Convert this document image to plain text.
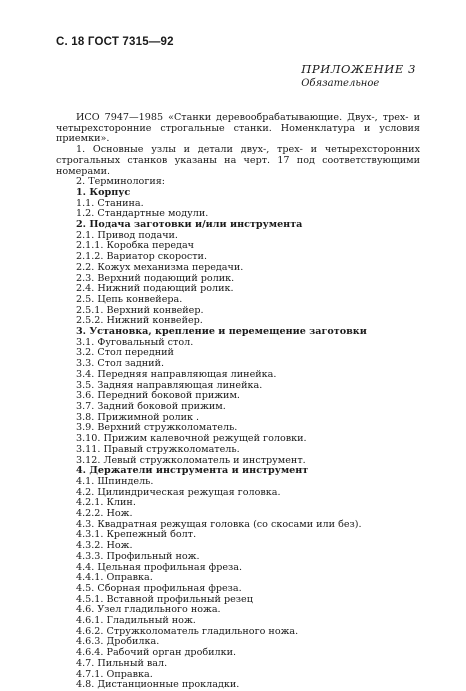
С. 18 ГОСТ 7315—92
ПРИЛОЖЕНИЕ 3
Обязательное

ИСО 7947—1985 «Станки деревообрабатывающие. Двух-, трех- и четырехсторонние строгальные станки. Номенклатура и условия приемки».

1. Основные узлы и детали двух-, трех- и четырехсторонних строгальных станков указаны на черт. 17 под соответствующими номерами.

2. Терминология:
1. Корпус
1.1. Станина.
1.2. Стандартные модули.
2. Подача заготовки и/или инструмента
2.1. Привод подачи.
2.1.1. Коробка передач
2.1.2. Вариатор скорости.
2.2. Кожух механизма передачи.
2.3. Верхний подающий ролик.
2.4. Нижний подающий ролик.
2.5. Цепь конвейера.
2.5.1. Верхний конвейер.
2.5.2. Нижний конвейер.
3. Установка, крепление и перемещение заготовки
3.1. Фуговальный стол.
3.2. Стол передний
3.3. Стол задний.
3.4. Передняя направляющая линейка.
3.5. Задняя направляющая линейка.
3.6. Передний боковой прижим.
3.7. Задний боковой прижим.
3.8. Прижимной ролик .
3.9. Верхний стружколоматель.
3.10. Прижим калевочной режущей головки.
3.11. Правый стружколоматель.
3.12. Левый стружколоматель и инструмент.
4. Держатели инструмента и инструмент
4.1. Шпиндель.
4.2. Цилиндрическая режущая головка.
4.2.1. Клин.
4.2.2. Нож.
4.3. Квадратная режущая головка (со скосами или без).
4.3.1. Крепежный болт.
4.3.2. Нож.
4.3.3. Профильный нож.
4.4. Цельная профильная фреза.
4.4.1. Оправка.
4.5. Сборная профильная фреза.
4.5.1. Вставной профильный резец
4.6. Узел гладильного ножа.
4.6.1. Гладильный нож.
4.6.2. Стружколоматель гладильного ножа.
4.6.3. Дробилка.
4.6.4. Рабочий орган дробилки.
4.7. Пильный вал.
4.7.1. Оправка.
4.8. Дистанционные прокладки.
